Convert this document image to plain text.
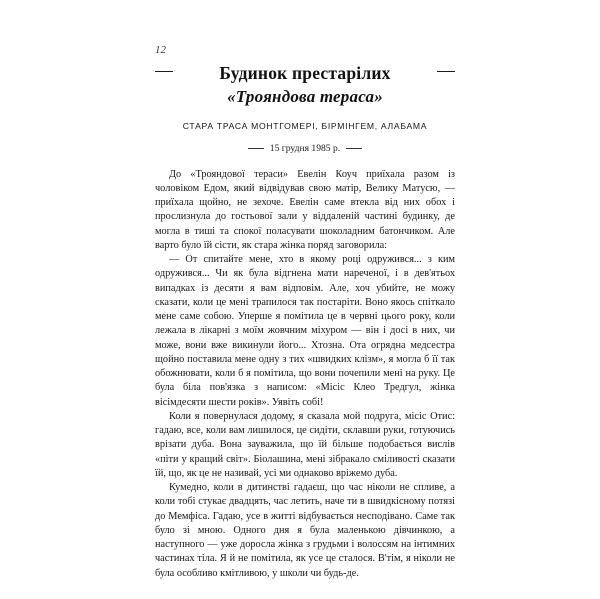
12
Будинок престарілих
«Трояндова тераса»
СТАРА ТРАСА МОНТГОМЕРІ, БІРМІНГЕМ, АЛАБАМА
15 грудня 1985 р.

До «Трояндової тераси» Евелін Коуч приїхала разом із чоловіком Едом, який відвідував свою матір, Велику Матусю, — приїхала щойно, не зехоче. Евелін саме втекла від них обох і прослизнула до гостьової зали у віддаленій частині будинку, де могла в тиші та спокої поласувати шоколадним батончиком. Але варто було їй сісти, як стара жінка поряд заговорила:

— От спитайте мене, хто в якому році одружився... з ким одружився... Чи як була відгнена мати нареченої, і в дев'ятьох випадках із десяти я вам відповім. Але, хоч убийте, не можу сказати, коли це мені трапилося так постаріти. Воно якось спіткало мене саме собою. Уперше я помітила це в червні цього року, коли лежала в лікарні з моїм жовчним міхуром — він і досі в них, чи може, вони вже викинули його... Хтозна. Ота огрядна медсестра щойно поставила мене одну з тих «швидких клізм», я могла б її так обожнювати, коли б я помітила, що вони почепили мені на руку. Це була біла пов'язка з написом: «Місіс Клео Тредгул, жінка вісімдесяти шести років». Уявіть собі!

Коли я повернулася додому, я сказала мой подруга, місіс Отис: гадаю, все, коли вам лишилося, це сидіти, склавши руки, готуючись врізати дуба. Вона зауважила, що їй більше подобається вислів «піти у кращий світ». Біолашина, мені зібракало сміливості сказати їй, що, як це не називай, усі ми однаково вріжемо дуба.

Кумедно, коли в дитинстві гадаєш, що час ніколи не спливе, а коли тобі стукає двадцять, час летить, наче ти в швидкісному потязі до Мемфіса. Гадаю, усе в житті відбувається несподівано. Саме так було зі мною. Одного дня я була маленькою дівчинкою, а наступного — уже доросла жінка з грудьми і волоссям на інтимних частинах тіла. Я й не помітила, як усе це сталося. В'тім, я ніколи не була особливо кмітливою, у школи чи будь-де.
